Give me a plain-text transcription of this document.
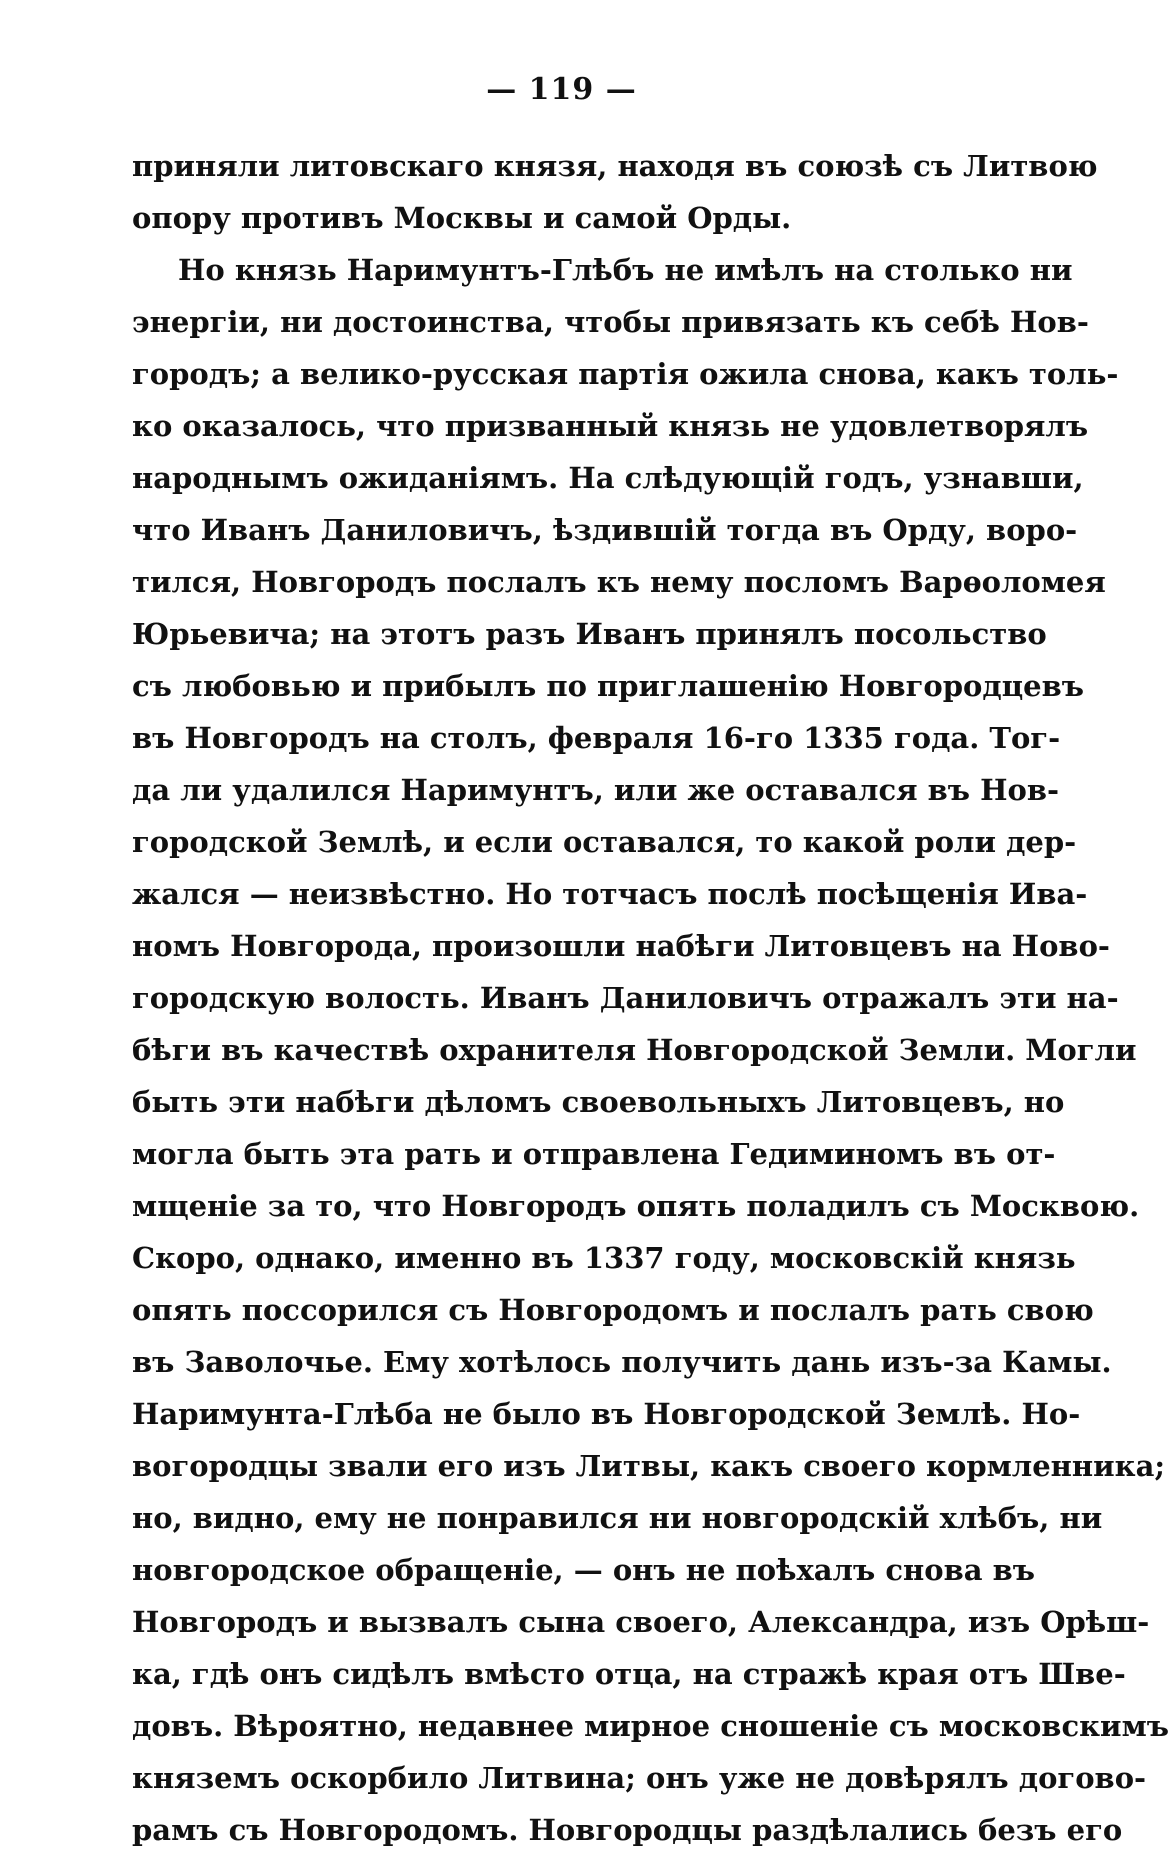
— 119 —
приняли литовскаго князя, находя въ союзѣ съ Литвою
опору противъ Москвы и самой Орды.
Но князь Наримунтъ-Глѣбъ не имѣлъ на столько ни
энергіи, ни достоинства, чтобы привязать къ себѣ Нов-
городъ; а велико-русская партія ожила снова, какъ толь-
ко оказалось, что призванный князь не удовлетворялъ
народнымъ ожиданіямъ. На слѣдующій годъ, узнавши,
что Иванъ Даниловичъ, ѣздившій тогда въ Орду, воро-
тился, Новгородъ послалъ къ нему посломъ Варѳоломея
Юрьевича; на этотъ разъ Иванъ принялъ посольство
съ любовью и прибылъ по приглашенію Новгородцевъ
въ Новгородъ на столъ, февраля 16-го 1335 года. Тог-
да ли удалился Наримунтъ, или же оставался въ Нов-
городской Землѣ, и если оставался, то какой роли дер-
жался — неизвѣстно. Но тотчасъ послѣ посѣщенія Ива-
номъ Новгорода, произошли набѣги Литовцевъ на Ново-
городскую волость. Иванъ Даниловичъ отражалъ эти на-
бѣги въ качествѣ охранителя Новгородской Земли. Могли
быть эти набѣги дѣломъ своевольныхъ Литовцевъ, но
могла быть эта рать и отправлена Гедиминомъ въ от-
мщеніе за то, что Новгородъ опять поладилъ съ Москвою.
Скоро, однако, именно въ 1337 году, московскій князь
опять поссорился съ Новгородомъ и послалъ рать свою
въ Заволочье. Ему хотѣлось получить дань изъ-за Камы.
Наримунта-Глѣба не было въ Новгородской Землѣ. Но-
вогородцы звали его изъ Литвы, какъ своего кормленника;
но, видно, ему не понравился ни новгородскій хлѣбъ, ни
новгородское обращеніе, — онъ не поѣхалъ снова въ
Новгородъ и вызвалъ сына своего, Александра, изъ Орѣш-
ка, гдѣ онъ сидѣлъ вмѣсто отца, на стражѣ края отъ Шве-
довъ. Вѣроятно, недавнее мирное сношеніе съ московскимъ
княземъ оскорбило Литвина; онъ уже не довѣрялъ догово-
рамъ съ Новгородомъ. Новгородцы раздѣлались безъ его
